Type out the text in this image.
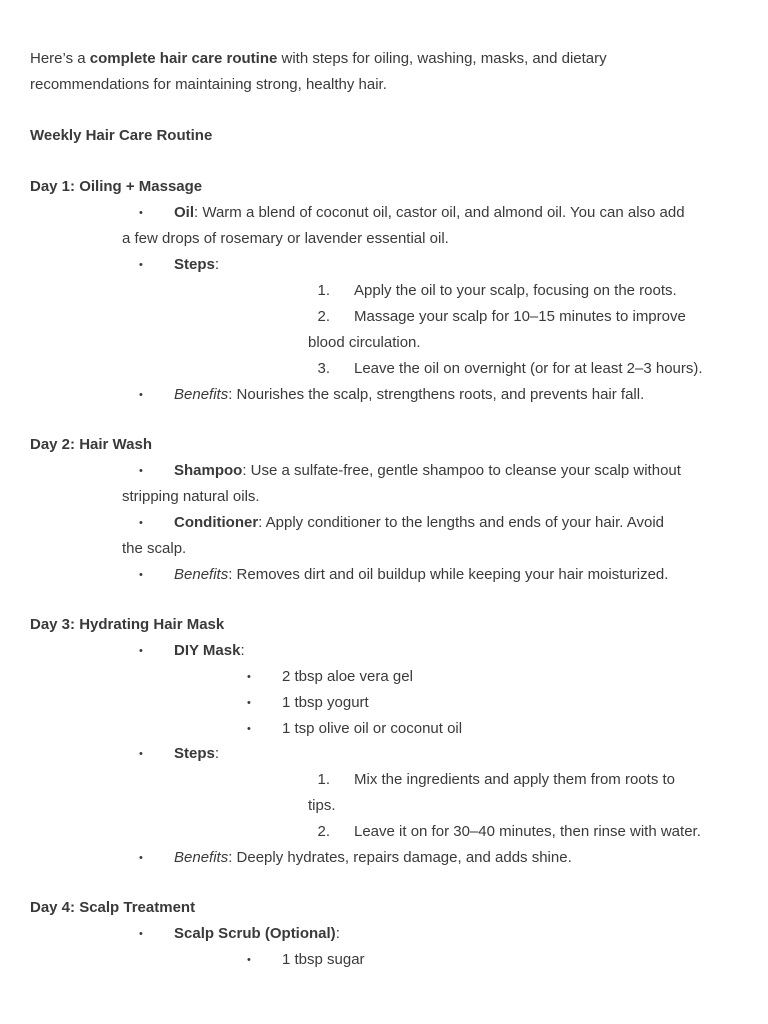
Here’s a complete hair care routine with steps for oiling, washing, masks, and dietary
recommendations for maintaining strong, healthy hair.
Weekly Hair Care Routine
Day 1: Oiling + Massage
• Oil: Warm a blend of coconut oil, castor oil, and almond oil. You can also add
a few drops of rosemary or lavender essential oil.
• Steps:
1. Apply the oil to your scalp, focusing on the roots.
2. Massage your scalp for 10–15 minutes to improve
blood circulation.
3. Leave the oil on overnight (or for at least 2–3 hours).
• Benefits: Nourishes the scalp, strengthens roots, and prevents hair fall.
Day 2: Hair Wash
• Shampoo: Use a sulfate-free, gentle shampoo to cleanse your scalp without
stripping natural oils.
• Conditioner: Apply conditioner to the lengths and ends of your hair. Avoid
the scalp.
• Benefits: Removes dirt and oil buildup while keeping your hair moisturized.
Day 3: Hydrating Hair Mask
• DIY Mask:
• 2 tbsp aloe vera gel
• 1 tbsp yogurt
• 1 tsp olive oil or coconut oil
• Steps:
1. Mix the ingredients and apply them from roots to
tips.
2. Leave it on for 30–40 minutes, then rinse with water.
• Benefits: Deeply hydrates, repairs damage, and adds shine.
Day 4: Scalp Treatment
• Scalp Scrub (Optional):
• 1 tbsp sugar
